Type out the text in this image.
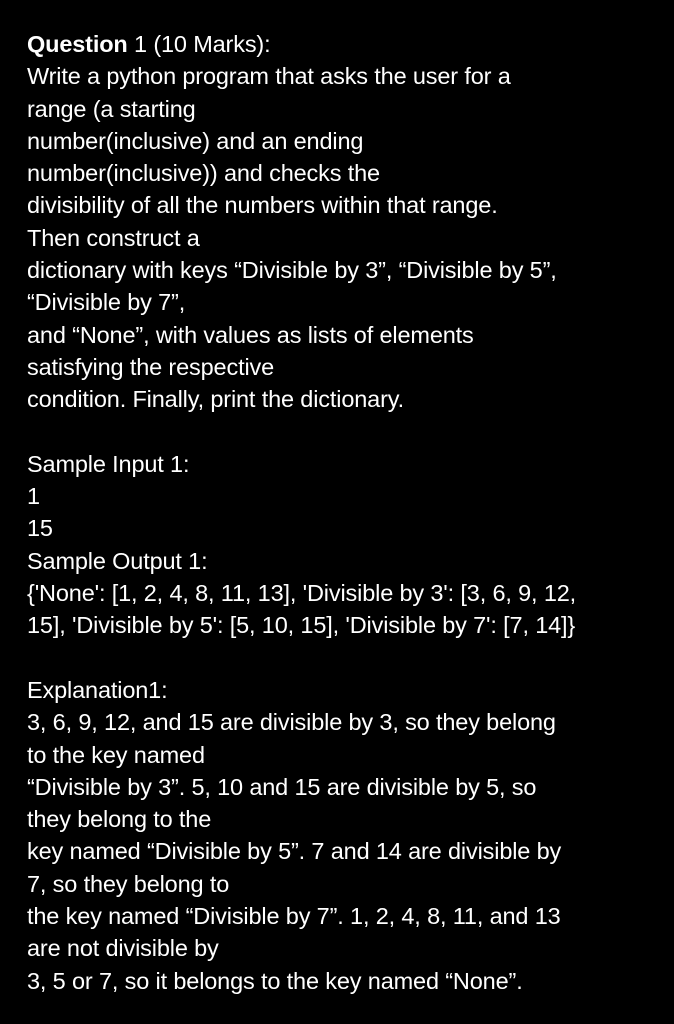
Question 1 (10 Marks):
Write a python program that asks the user for a
range (a starting
number(inclusive) and an ending
number(inclusive)) and checks the
divisibility of all the numbers within that range.
Then construct a
dictionary with keys “Divisible by 3”, “Divisible by 5”,
“Divisible by 7”,
and “None”, with values as lists of elements
satisfying the respective
condition. Finally, print the dictionary.
Sample Input 1:
1
15
Sample Output 1:
{'None': [1, 2, 4, 8, 11, 13], 'Divisible by 3': [3, 6, 9, 12,
15], 'Divisible by 5': [5, 10, 15], 'Divisible by 7': [7, 14]}
Explanation1:
3, 6, 9, 12, and 15 are divisible by 3, so they belong
to the key named
“Divisible by 3”. 5, 10 and 15 are divisible by 5, so
they belong to the
key named “Divisible by 5”. 7 and 14 are divisible by
7, so they belong to
the key named “Divisible by 7”. 1, 2, 4, 8, 11, and 13
are not divisible by
3, 5 or 7, so it belongs to the key named “None”.
